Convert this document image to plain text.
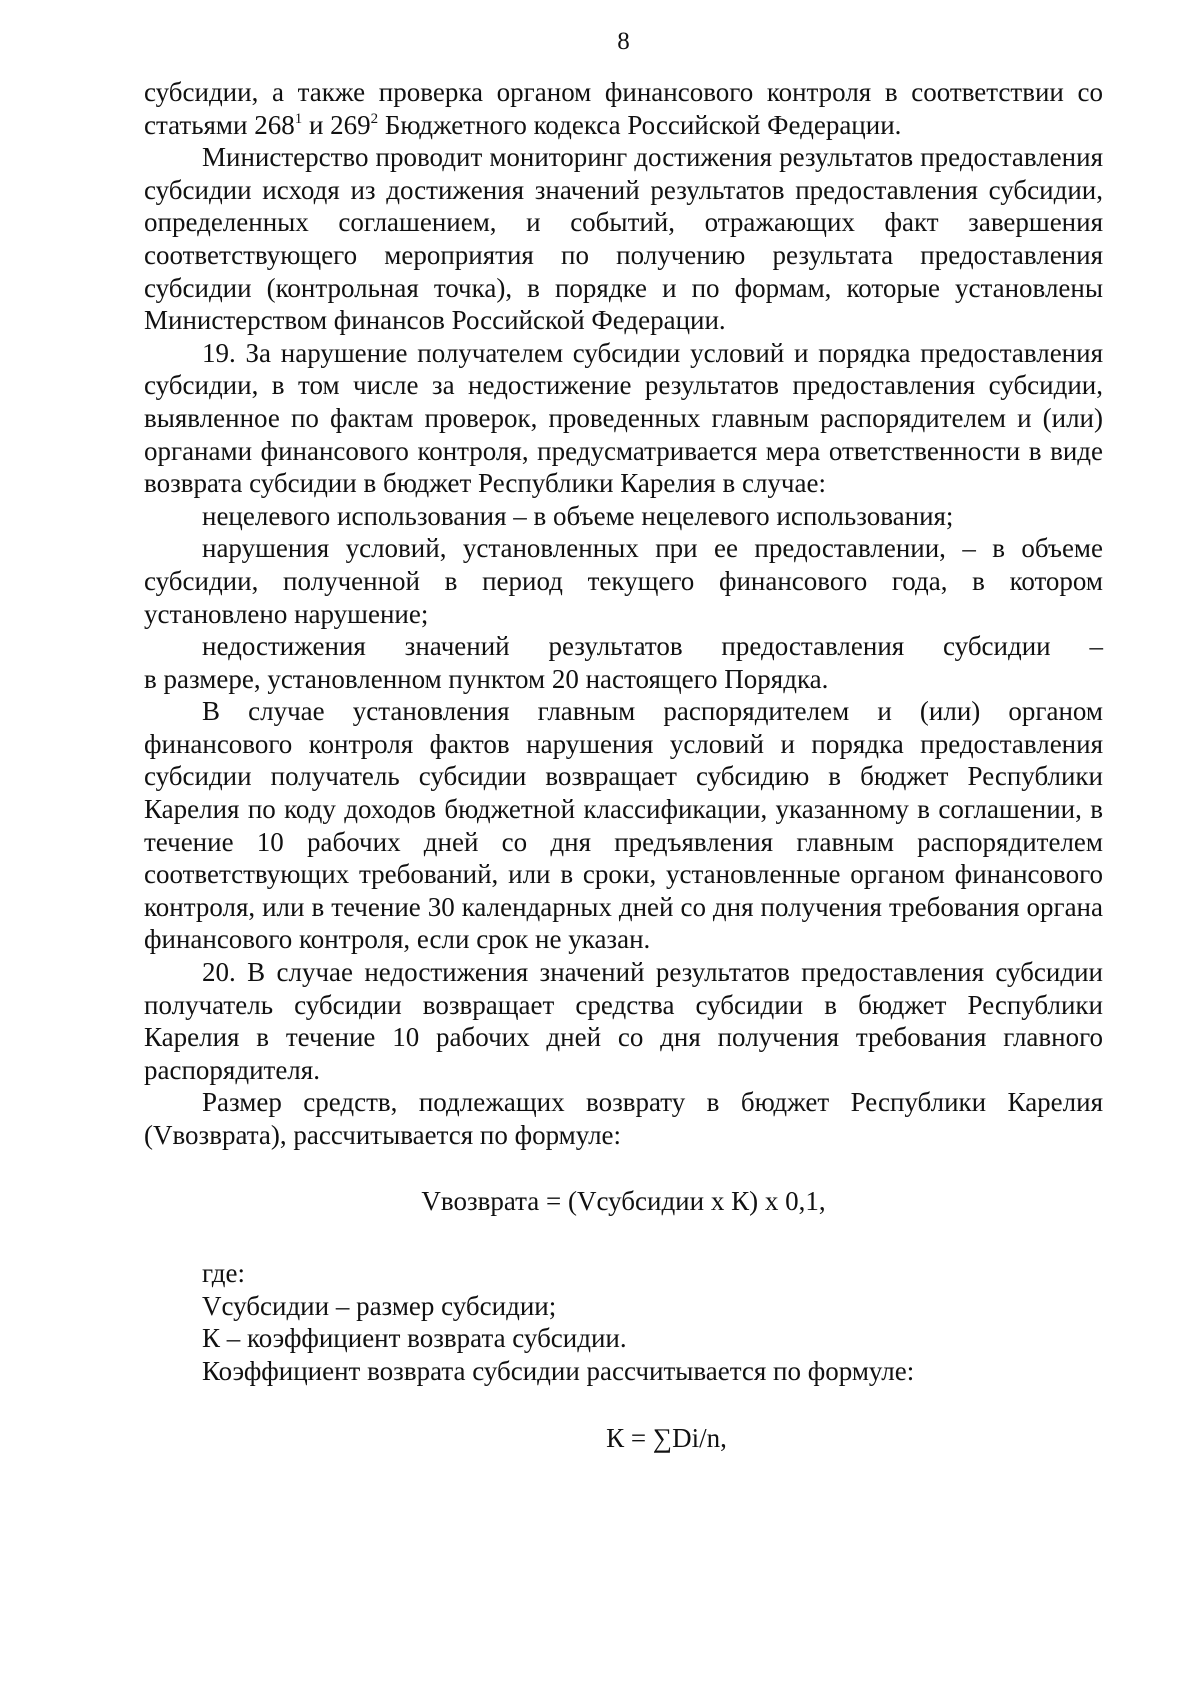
8

субсидии, а также проверка органом финансового контроля в соответствии со статьями $268^1$ и $269^2$ Бюджетного кодекса Российской Федерации.

Министерство проводит мониторинг достижения результатов предоставления субсидии исходя из достижения значений результатов предоставления субсидии, определенных соглашением, и событий, отражающих факт завершения соответствующего мероприятия по получению результата предоставления субсидии (контрольная точка), в порядке и по формам, которые установлены Министерством финансов Российской Федерации.

19. За нарушение получателем субсидии условий и порядка предоставления субсидии, в том числе за недостижение результатов предоставления субсидии, выявленное по фактам проверок, проведенных главным распорядителем и (или) органами финансового контроля, предусматривается мера ответственности в виде возврата субсидии в бюджет Республики Карелия в случае:

нецелевого использования – в объеме нецелевого использования;

нарушения условий, установленных при ее предоставлении, – в объеме субсидии, полученной в период текущего финансового года, в котором установлено нарушение;

недостижения значений результатов предоставления субсидии –

в размере, установленном пунктом 20 настоящего Порядка.

В случае установления главным распорядителем и (или) органом финансового контроля фактов нарушения условий и порядка предоставления субсидии получатель субсидии возвращает субсидию в бюджет Республики Карелия по коду доходов бюджетной классификации, указанному в соглашении, в течение 10 рабочих дней со дня предъявления главным распорядителем соответствующих требований, или в сроки, установленные органом финансового контроля, или в течение 30 календарных дней со дня получения требования органа финансового контроля, если срок не указан.

20. В случае недостижения значений результатов предоставления субсидии получатель субсидии возвращает средства субсидии в бюджет Республики Карелия в течение 10 рабочих дней со дня получения требования главного распорядителя.

Размер средств, подлежащих возврату в бюджет Республики Карелия (Vвозврата), рассчитывается по формуле:

Vвозврата = (Vсубсидии х К) х 0,1,

где:

Vсубсидии – размер субсидии;

К – коэффициент возврата субсидии.

Коэффициент возврата субсидии рассчитывается по формуле:

К = ∑Di/n,
